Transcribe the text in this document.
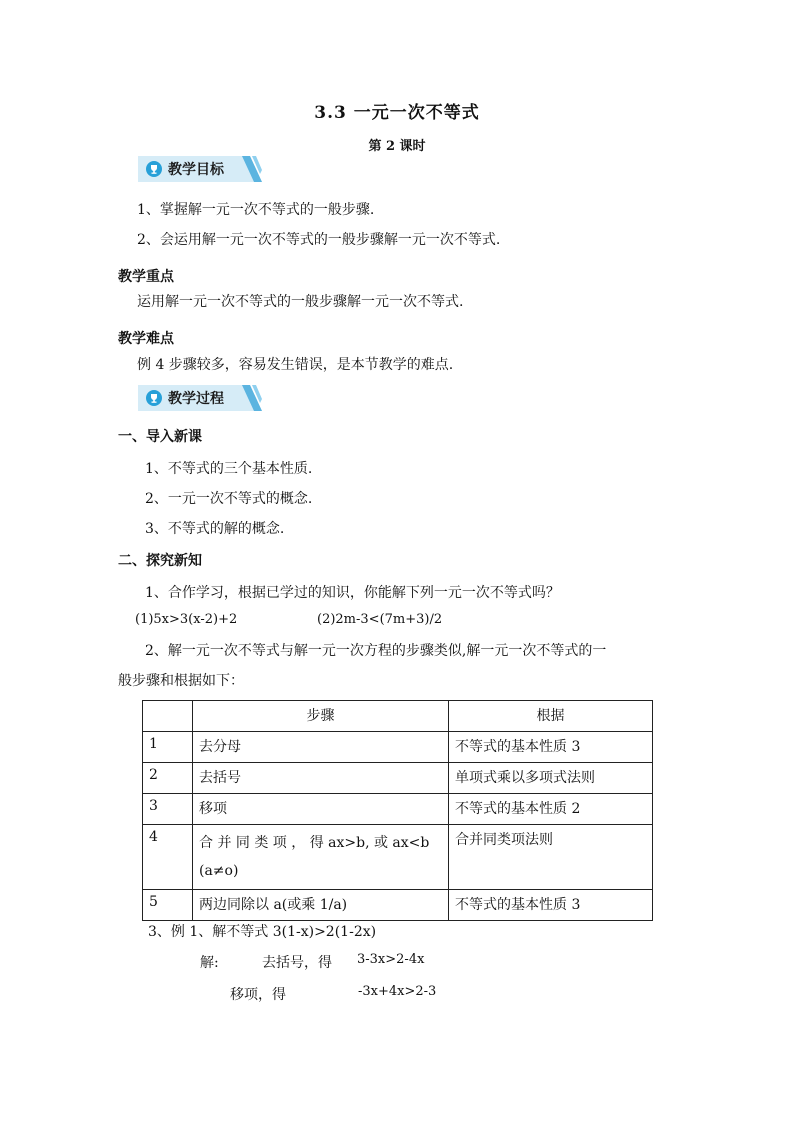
3.3 一元一次不等式
第 2 课时
教学目标
1、掌握解一元一次不等式的一般步骤.
2、会运用解一元一次不等式的一般步骤解一元一次不等式.
教学重点
运用解一元一次不等式的一般步骤解一元一次不等式.
教学难点
例 4 步骤较多，容易发生错误，是本节教学的难点.
教学过程
一、导入新课
1、不等式的三个基本性质.
2、一元一次不等式的概念.
3、不等式的解的概念.
二、探究新知
1、合作学习，根据已学过的知识，你能解下列一元一次不等式吗？
(1)5x>3(x-2)+2	(2)2m-3<(7m+3)/2
2、解一元一次不等式与解一元一次方程的步骤类似,解一元一次不等式的一
般步骤和根据如下：
	步骤	根据
1	去分母	不等式的基本性质 3
2	去括号	单项式乘以多项式法则
3	移项	不等式的基本性质 2
4	合 并 同 类 项 ， 得 ax>b, 或 ax<b (a≠o)	合并同类项法则
5	两边同除以 a(或乘 1/a)	不等式的基本性质 3
3、例 1、解不等式 3(1-x)>2(1-2x)
解:	去括号，得 3-3x>2-4x
移项，得	-3x+4x>2-3
